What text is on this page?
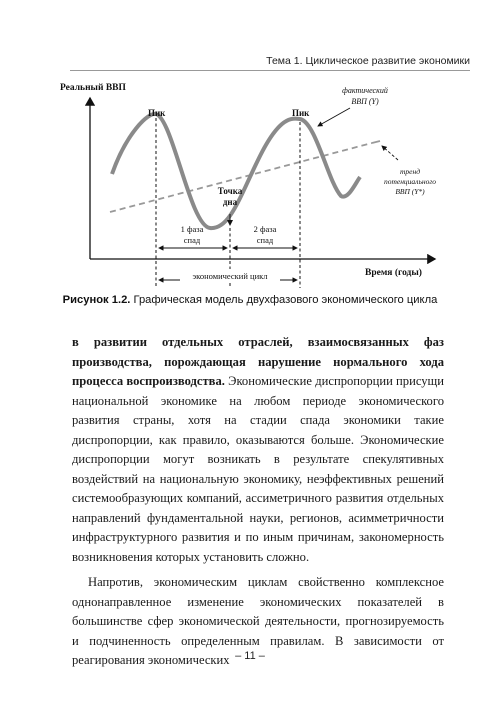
Тема 1. Циклическое развитие экономики
Реальный ВВП
Время (годы)
Пик	Пик
Точка
дна
1 фаза
спад
2 фаза
спад
экономический цикл
фактический
ВВП (Y)
тренд
потенциального
ВВП (Y*)
Рисунок 1.2. Графическая модель двухфазового экономического цикла

в развитии отдельных отраслей, взаимосвязанных фаз производства, порождающая нарушение нормального хода процесса воспроизводства. Экономические диспропорции присущи национальной экономике на любом периоде экономического развития страны, хотя на стадии спада экономики такие диспропорции, как правило, оказываются больше. Экономические диспропорции могут возникать в результате спекулятивных воздействий на национальную экономику, неэффективных решений системообразующих компаний, ассиметричного развития отдельных направлений фундаментальной науки, регионов, асимметричности инфраструктурного развития и по иным причинам, закономерность возникновения которых установить сложно.

Напротив, экономическим циклам свойственно комплексное однонаправленное изменение экономических показателей в большинстве сфер экономической деятельности, прогнозируемость и подчиненность определенным правилам. В зависимости от реагирования экономических – 11 –
